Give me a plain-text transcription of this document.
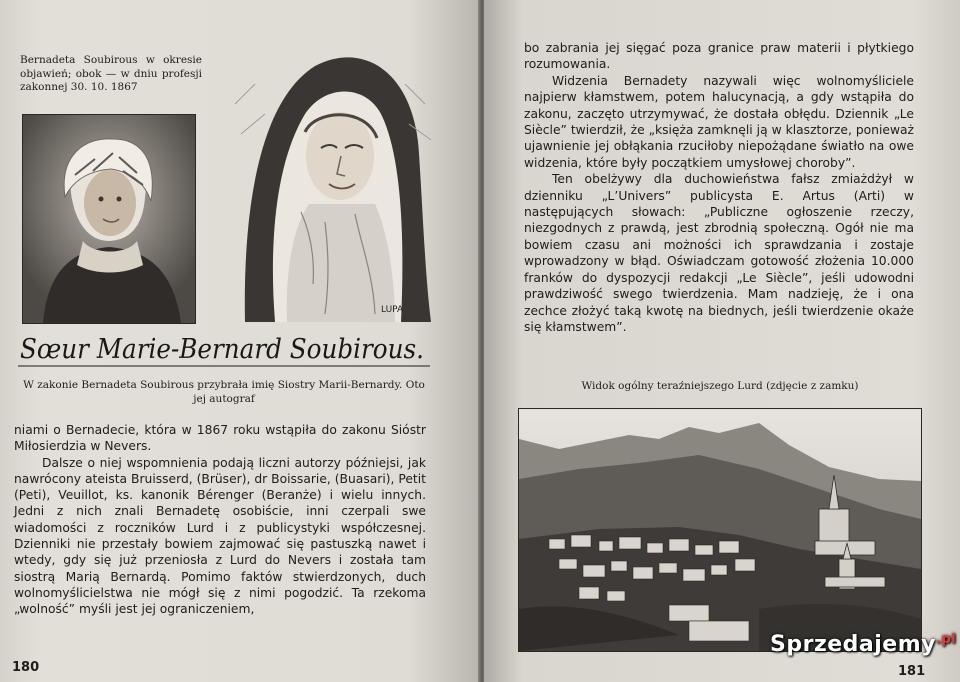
Bernadeta Soubirous w okresie objawień; obok — w dniu profesji zakonnej 30. 10. 1867
LUPA
Sœur Marie-Bernard Soubirous.
W zakonie Bernadeta Soubirous przybrała imię Siostry Marii-Bernardy. Oto jej autograf

niami o Bernadecie, która w 1867 roku wstąpiła do zakonu Sióstr Miłosierdzia w Nevers.

Dalsze o niej wspomnienia podają liczni autorzy późniejsi, jak nawrócony ateista Bruisserd, (Brüser), dr Boissarie, (Buasari), Petit (Peti), Veuillot, ks. kanonik Bérenger (Beranże) i wielu innych. Jedni z nich znali Bernadetę osobiście, inni czerpali swe wiadomości z roczników Lurd i z publicystyki współczesnej. Dzienniki nie przestały bowiem zajmować się pastuszką nawet i wtedy, gdy się już przeniosła z Lurd do Nevers i została tam siostrą Marią Bernardą. Pomimo faktów stwierdzonych, duch wolnomyślicielstwa nie mógł się z nimi pogodzić. Ta rzekoma „wolność” myśli jest jej ograniczeniem,

180

bo zabrania jej sięgać poza granice praw materii i płytkiego rozumowania.

Widzenia Bernadety nazywali więc wolnomyśliciele najpierw kłamstwem, potem halucynacją, a gdy wstąpiła do zakonu, zaczęto utrzymywać, że dostała obłędu. Dziennik „Le Siècle” twierdził, że „księża zamknęli ją w klasztorze, ponieważ ujawnienie jej obłąkania rzuciłoby niepożądane światło na owe widzenia, które były początkiem umysłowej choroby”.

Ten obelżywy dla duchowieństwa fałsz zmiażdżył w dzienniku „L’Univers” publicysta E. Artus (Arti) w następujących słowach: „Publiczne ogłoszenie rzeczy, niezgodnych z prawdą, jest zbrodnią społeczną. Ogół nie ma bowiem czasu ani możności ich sprawdzania i zostaje wprowadzony w błąd. Oświadczam gotowość złożenia 10.000 franków do dyspozycji redakcji „Le Siècle”, jeśli udowodni prawdziwość swego twierdzenia. Mam nadzieję, że i ona zechce złożyć taką kwotę na biednych, jeśli twierdzenie okaże się kłamstwem”.

Widok ogólny teraźniejszego Lurd (zdjęcie z zamku)
181
Sprzedajemy$^{.pl}$
